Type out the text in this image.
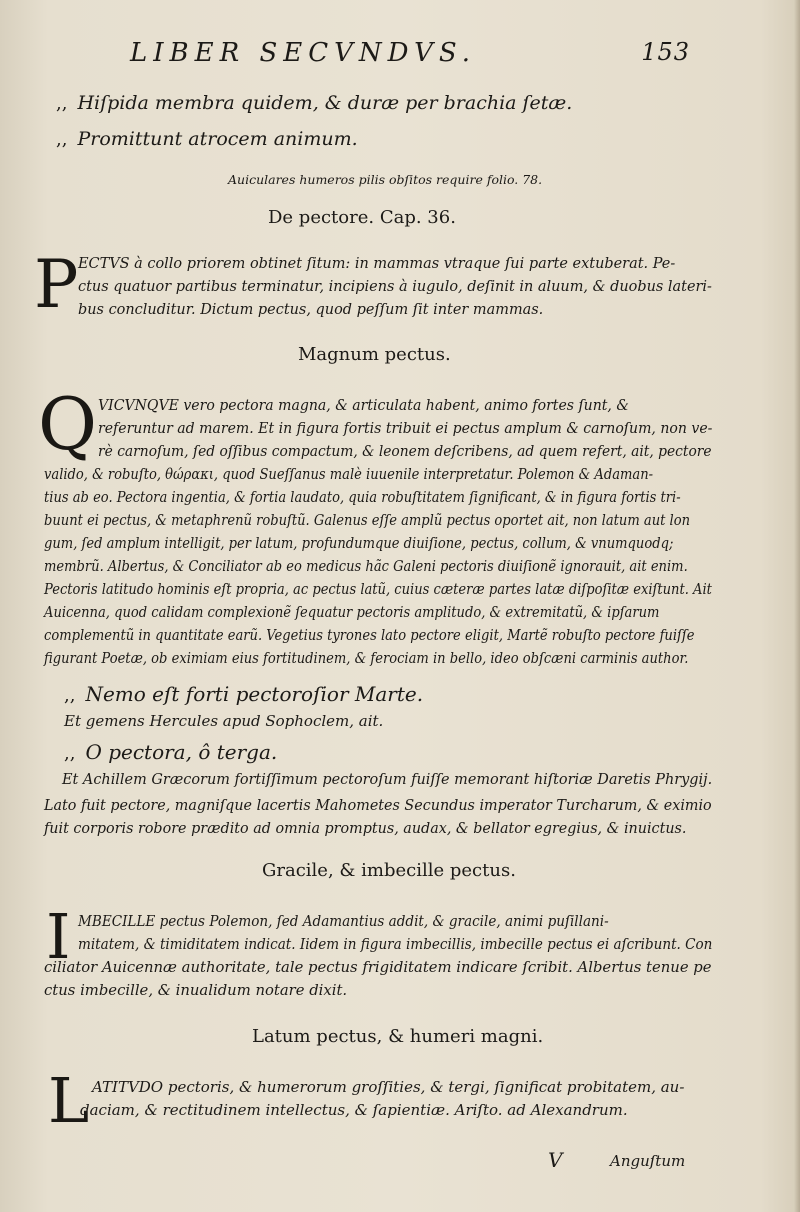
LIBER SECVNDVS.	153
,, Hiſpida membra quidem, & duræ per brachia ſetæ.
,, Promittunt atrocem animum.
Auiculares humeros pilis obſitos require folio. 78.
De pectore. Cap. 36.
P ECTVS à collo priorem obtinet ſitum: in mammas vtraque ſui parte extuberat. Pe-
ctus quatuor partibus terminatur, incipiens à iugulo, deſinit in aluum, & duobus lateri-
bus concluditur. Dictum pectus, quod peſſum ſit inter mammas.
Magnum pectus.
Q VICVNQVE vero pectora magna, & articulata habent, animo fortes ſunt, &
referuntur ad marem. Et in figura fortis tribuit ei pectus amplum & carnoſum, non ve-
rè carnoſum, ſed oſſibus compactum, & leonem deſcribens, ad quem refert, ait, pectore
valido, & robuſto, θώρακι, quod Sueſſanus malè iuuenile interpretatur. Polemon & Adaman-
tius ab eo. Pectora ingentia, & fortia laudato, quia robuſtitatem ſignificant, & in figura fortis tri-
buunt ei pectus, & metaphrenũ robuſtũ. Galenus eſſe amplũ pectus oportet ait, non latum aut lon
gum, ſed amplum intelligit, per latum, profundumque diuiſione, pectus, collum, & vnumquodq;
membrũ. Albertus, & Conciliator ab eo medicus hãc Galeni pectoris diuiſionẽ ignorauit, ait enim.
Pectoris latitudo hominis eſt propria, ac pectus latũ, cuius cæteræ partes latæ diſpoſitæ exiſtunt. Ait
Auicenna, quod calidam complexionẽ ſequatur pectoris amplitudo, & extremitatũ, & ipſarum
complementũ in quantitate earũ. Vegetius tyrones lato pectore eligit, Martẽ robuſto pectore fuiſſe
figurant Poetæ, ob eximiam eius fortitudinem, & ferociam in bello, ideo obſcæni carminis author.
,, Nemo eſt forti pectoroſior Marte.
Et gemens Hercules apud Sophoclem, ait.
,, O pectora, ô terga.
Et Achillem Græcorum fortiſſimum pectoroſum fuiſſe memorant hiſtoriæ Daretis Phrygij.
Lato fuit pectore, magniſque lacertis Mahometes Secundus imperator Turcharum, & eximio
fuit corporis robore prædito ad omnia promptus, audax, & bellator egregius, & inuictus.
Gracile, & imbecille pectus.
I MBECILLE pectus Polemon, ſed Adamantius addit, & gracile, animi puſillani-
mitatem, & timiditatem indicat. Iidem in figura imbecillis, imbecille pectus ei aſcribunt. Con
ciliator Auicennæ authoritate, tale pectus frigiditatem indicare ſcribit. Albertus tenue pe
ctus imbecille, & inualidum notare dixit.
Latum pectus, & humeri magni.
L ATITVDO pectoris, & humerorum groſſities, & tergi, ſignificat probitatem, au-
daciam, & rectitudinem intellectus, & ſapientiæ. Ariſto. ad Alexandrum.
V	Anguſtum
